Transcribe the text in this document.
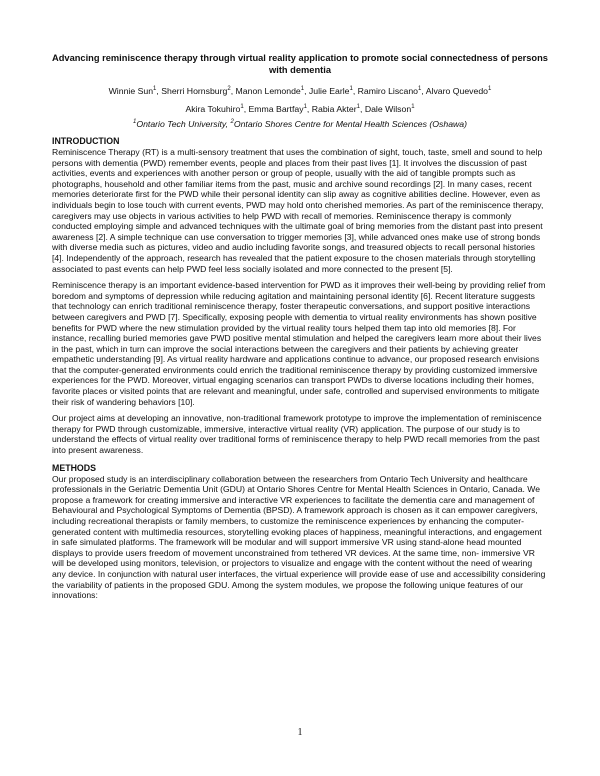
Advancing reminiscence therapy through virtual reality application to promote social connectedness of persons with dementia
Winnie Sun$^1$, Sherri Hornsburg$^2$, Manon Lemonde$^1$, Julie Earle$^1$, Ramiro Liscano$^1$, Alvaro Quevedo$^1$
Akira Tokuhiro$^1$, Emma Bartfay$^1$, Rabia Akter$^1$, Dale Wilson$^1$
$^1$Ontario Tech University, $^2$Ontario Shores Centre for Mental Health Sciences (Oshawa)
INTRODUCTION

Reminiscence Therapy (RT) is a multi-sensory treatment that uses the combination of sight, touch, taste, smell and sound to help persons with dementia (PWD) remember events, people and places from their past lives [1]. It involves the discussion of past activities, events and experiences with another person or group of people, usually with the aid of tangible prompts such as photographs, household and other familiar items from the past, music and archive sound recordings [2]. In many cases, recent memories deteriorate first for the PWD while their personal identity can slip away as cognitive abilities decline. However, even as individuals begin to lose touch with current events, PWD may hold onto cherished memories. As part of the reminiscence therapy, caregivers may use objects in various activities to help PWD with recall of memories. Reminiscence therapy is commonly conducted employing simple and advanced techniques with the ultimate goal of bring memories from the distant past into present awareness [2]. A simple technique can use conversation to trigger memories [3], while advanced ones make use of strong bonds with diverse media such as pictures, video and audio including favorite songs, and treasured objects to recall personal histories [4]. Independently of the approach, research has revealed that the patient exposure to the chosen materials through storytelling associated to past events can help PWD feel less socially isolated and more connected to the present [5].

Reminiscence therapy is an important evidence-based intervention for PWD as it improves their well-being by providing relief from boredom and symptoms of depression while reducing agitation and maintaining personal identity [6]. Recent literature suggests that technology can enrich traditional reminiscence therapy, foster therapeutic conversations, and support positive interactions between caregivers and PWD [7]. Specifically, exposing people with dementia to virtual reality environments has shown positive benefits for PWD where the new stimulation provided by the virtual reality tours helped them tap into old memories [8]. For instance, recalling buried memories gave PWD positive mental stimulation and helped the caregivers learn more about their lives in the past, which in turn can improve the social interactions between the caregivers and their patients by achieving greater empathetic understanding [9]. As virtual reality hardware and applications continue to advance, our proposed research envisions that the computer-generated environments could enrich the traditional reminiscence therapy by providing customized immersive experiences for the PWD. Moreover, virtual engaging scenarios can transport PWDs to diverse locations including their homes, favorite places or visited points that are relevant and meaningful, under safe, controlled and supervised environments to mitigate their risk of wandering behaviors [10].

Our project aims at developing an innovative, non-traditional framework prototype to improve the implementation of reminiscence therapy for PWD through customizable, immersive, interactive virtual reality (VR) application. The purpose of our study is to understand the effects of virtual reality over traditional forms of reminiscence therapy to help PWD recall memories from the past into present awareness.

METHODS

Our proposed study is an interdisciplinary collaboration between the researchers from Ontario Tech University and healthcare professionals in the Geriatric Dementia Unit (GDU) at Ontario Shores Centre for Mental Health Sciences in Ontario, Canada. We propose a framework for creating immersive and interactive VR experiences to facilitate the dementia care and management of Behavioural and Psychological Symptoms of Dementia (BPSD). A framework approach is chosen as it can empower caregivers, including recreational therapists or family members, to customize the reminiscence experiences by enhancing the computer-generated content with multimedia resources, storytelling evoking places of happiness, meaningful interactions, and engagement in safe simulated platforms. The framework will be modular and will support immersive VR using stand-alone head mounted displays to provide users freedom of movement unconstrained from tethered VR devices. At the same time, non- immersive VR will be developed using monitors, television, or projectors to visualize and engage with the content without the need of wearing any device. In conjunction with natural user interfaces, the virtual experience will provide ease of use and accessibility considering the variability of patients in the proposed GDU. Among the system modules, we propose the following unique features of our innovations:

1
